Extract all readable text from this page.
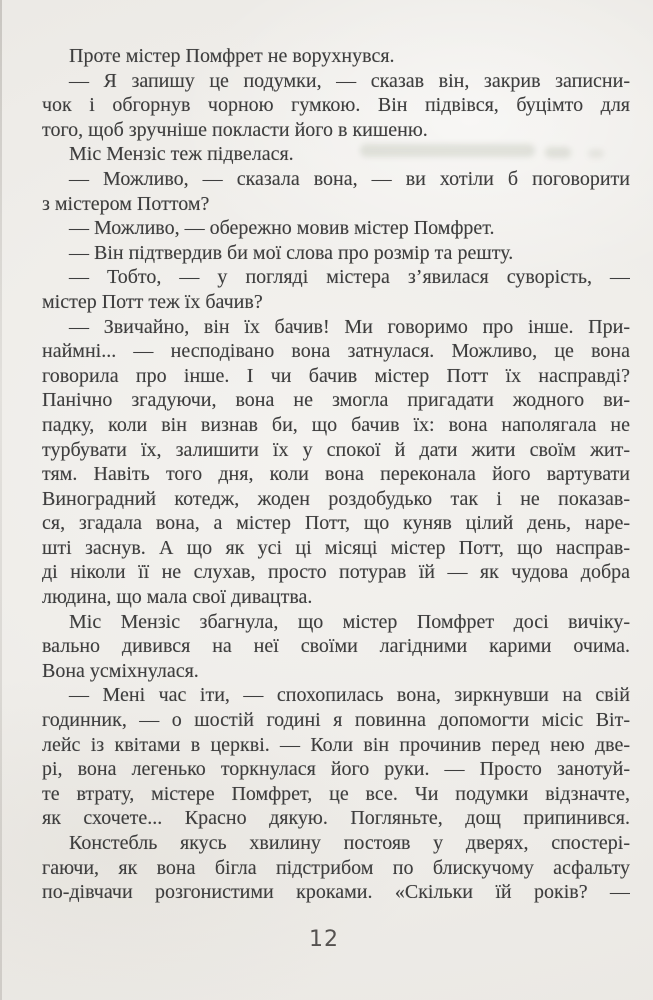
Проте містер Помфрет не ворухнувся.
— Я запишу це подумки, — сказав він, закрив записни-
чок і обгорнув чорною гумкою. Він підвівся, буцімто для
того, щоб зручніше покласти його в кишеню.
Міс Мензіс теж підвелася.
— Можливо, — сказала вона, — ви хотіли б поговорити
з містером Поттом?
— Можливо, — обережно мовив містер Помфрет.
— Він підтвердив би мої слова про розмір та решту.
— Тобто, — у погляді містера з’явилася суворість, —
містер Потт теж їх бачив?
— Звичайно, він їх бачив! Ми говоримо про інше. При-
наймні... — несподівано вона затнулася. Можливо, це вона
говорила про інше. І чи бачив містер Потт їх насправді?
Панічно згадуючи, вона не змогла пригадати жодного ви-
падку, коли він визнав би, що бачив їх: вона наполягала не
турбувати їх, залишити їх у спокої й дати жити своїм жит-
тям. Навіть того дня, коли вона переконала його вартувати
Виноградний котедж, жоден роздобудько так і не показав-
ся, згадала вона, а містер Потт, що куняв цілий день, наре-
шті заснув. А що як усі ці місяці містер Потт, що насправ-
ді ніколи її не слухав, просто потурав їй — як чудова добра
людина, що мала свої дивацтва.
Міс Мензіс збагнула, що містер Помфрет досі вичіку-
вально дивився на неї своїми лагідними карими очима.
Вона усміхнулася.
— Мені час іти, — спохопилась вона, зиркнувши на свій
годинник, — о шостій годині я повинна допомогти місіс Віт-
лейс із квітами в церкві. — Коли він прочинив перед нею две-
рі, вона легенько торкнулася його руки. — Просто занотуй-
те втрату, містере Помфрет, це все. Чи подумки відзначте,
як схочете... Красно дякую. Погляньте, дощ припинився.
Констебль якусь хвилину постояв у дверях, спостері-
гаючи, як вона бігла підстрибом по блискучому асфальту
по-дівчачи розгонистими кроками. «Скільки їй років? —
12
